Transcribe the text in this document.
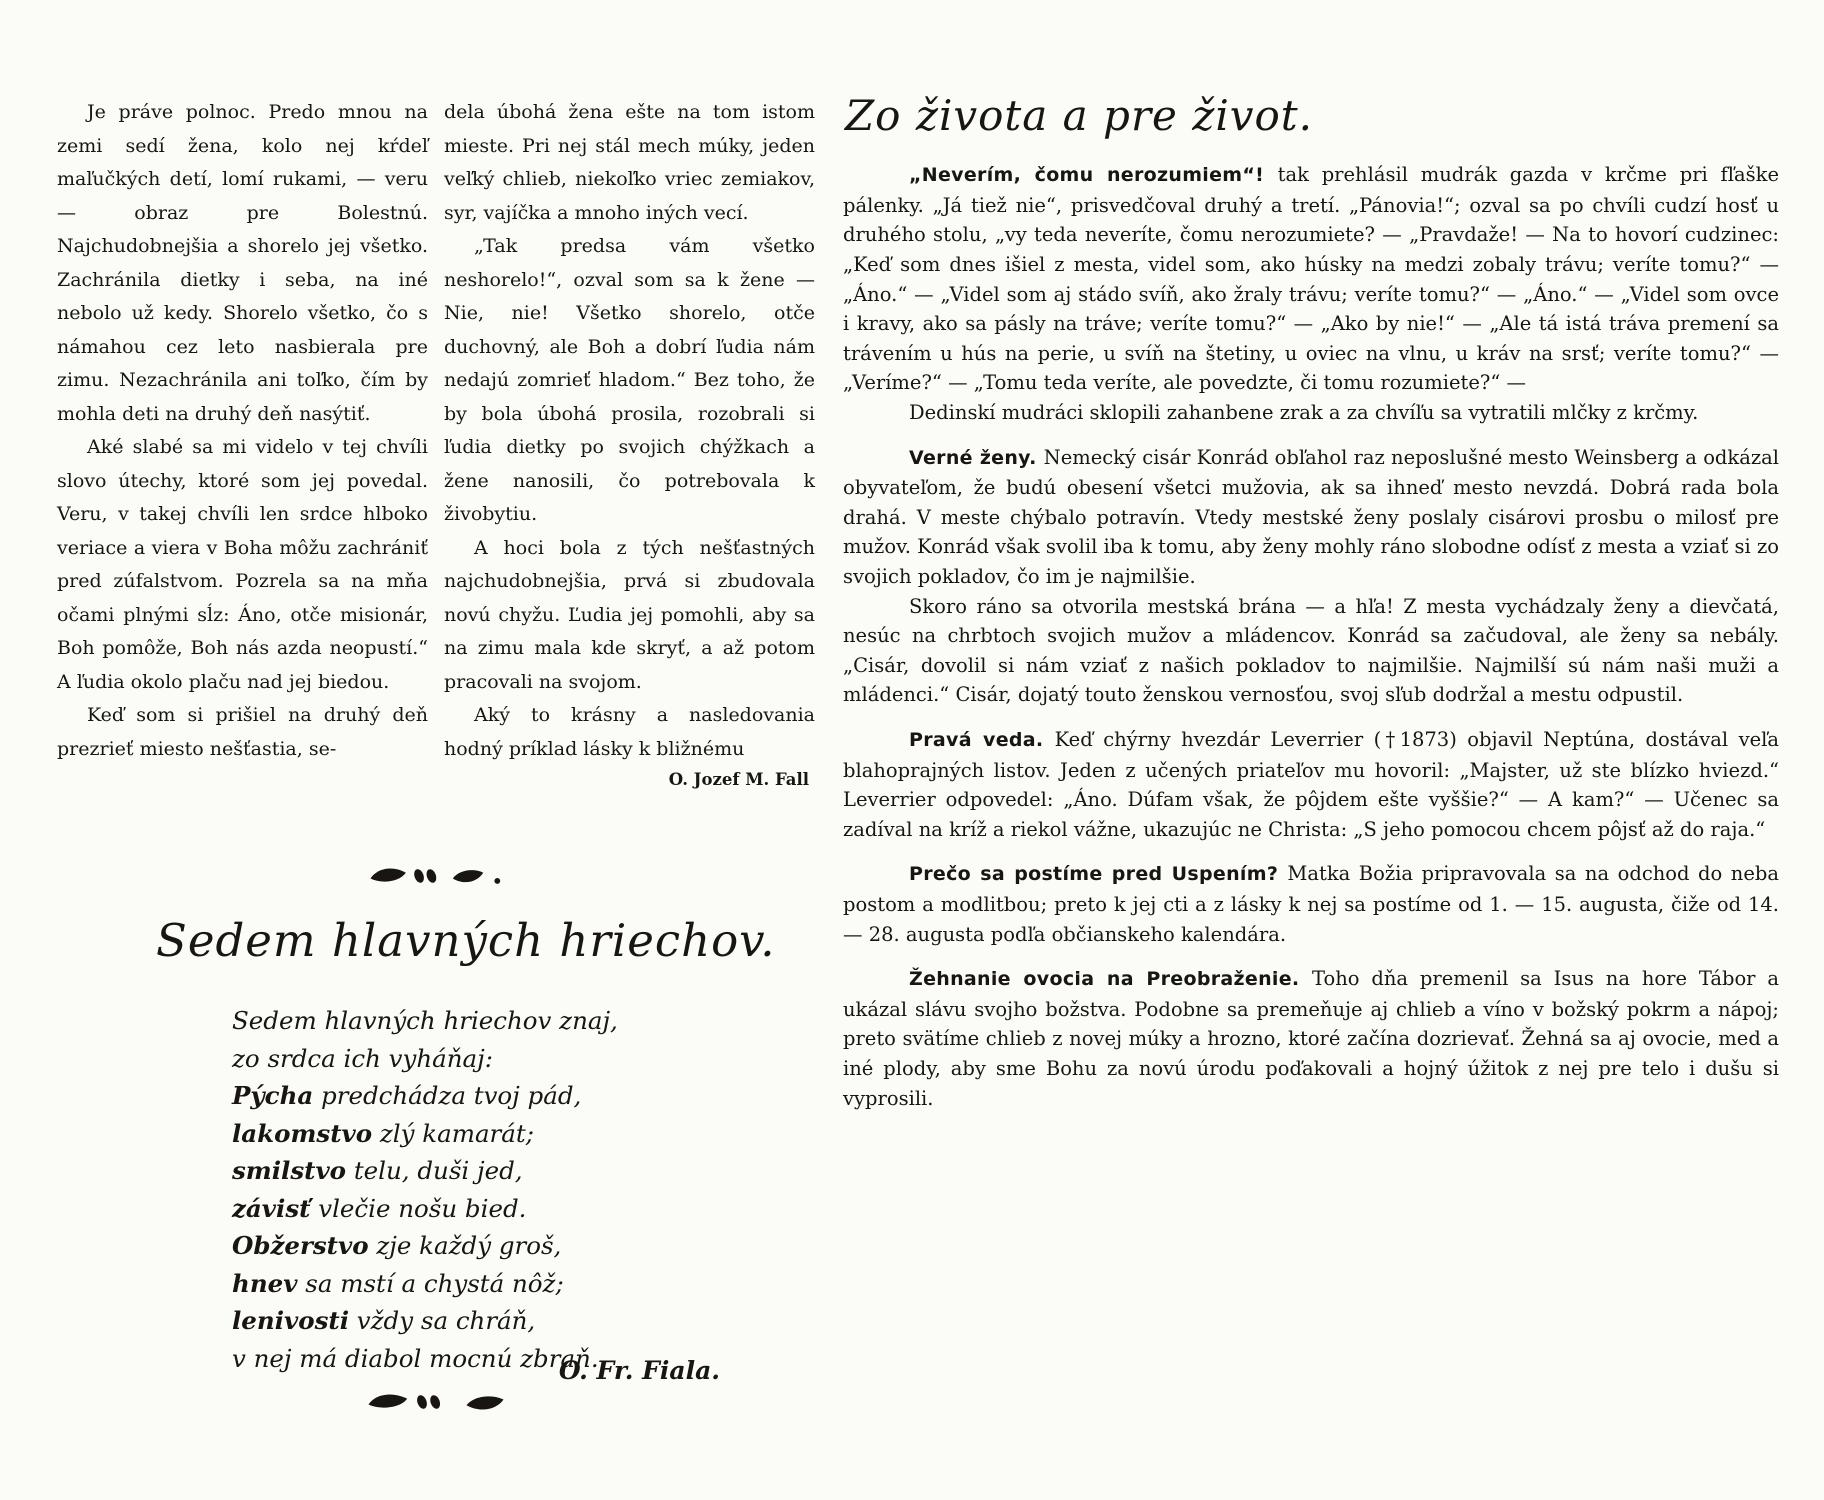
Je práve polnoc. Predo mnou na zemi sedí žena, kolo nej kŕdeľ maľučkých detí, lomí rukami, — veru — obraz pre Bolestnú. Najchudobnejšia a shorelo jej všetko. Zachránila dietky i seba, na iné nebolo už kedy. Shorelo všetko, čo s námahou cez leto nasbierala pre zimu. Nezachránila ani toľko, čím by mohla deti na druhý deň nasýtiť.

Aké slabé sa mi videlo v tej chvíli slovo útechy, ktoré som jej povedal. Veru, v takej chvíli len srdce hlboko veriace a viera v Boha môžu zachrániť pred zúfalstvom. Pozrela sa na mňa očami plnými sĺz: Áno, otče misionár, Boh pomôže, Boh nás azda neopustí.“ A ľudia okolo plaču nad jej biedou.

Keď som si prišiel na druhý deň prezrieť miesto nešťastia, se-

dela úbohá žena ešte na tom istom mieste. Pri nej stál mech múky, jeden veľký chlieb, niekoľko vriec zemiakov, syr, vajíčka a mnoho iných vecí.

„Tak predsa vám všetko neshorelo!“, ozval som sa k žene — Nie, nie! Všetko shorelo, otče duchovný, ale Boh a dobrí ľudia nám nedajú zomrieť hladom.“ Bez toho, že by bola úbohá prosila, rozobrali si ľudia dietky po svojich chýžkach a žene nanosili, čo potrebovala k živobytiu.

A hoci bola z tých nešťastných najchudobnejšia, prvá si zbudovala novú chyžu. Ľudia jej pomohli, aby sa na zimu mala kde skryť, a až potom pracovali na svojom.

Aký to krásny a nasledovania hodný príklad lásky k bližnému

O. Jozef M. Fall
Sedem hlavných hriechov.
Sedem hlavných hriechov znaj,
zo srdca ich vyháňaj:
Pýcha predchádza tvoj pád,
lakomstvo zlý kamarát;
smilstvo telu, duši jed,
závisť vlečie nošu bied.
Obžerstvo zje každý groš,
hnev sa mstí a chystá nôž;
lenivosti vždy sa chráň,
v nej má diabol mocnú zbraň.
O. Fr. Fiala.
Zo života a pre život.

„Neverím, čomu nerozumiem“! tak prehlásil mudrák gazda v krčme pri fľaške pálenky. „Já tiež nie“, prisvedčoval druhý a tretí. „Pánovia!“; ozval sa po chvíli cudzí hosť u druhého stolu, „vy teda neveríte, čomu nerozumiete? — „Pravdaže! — Na to hovorí cudzinec: „Keď som dnes išiel z mesta, videl som, ako húsky na medzi zobaly trávu; veríte tomu?“ — „Áno.“ — „Videl som aj stádo svíň, ako žraly trávu; veríte tomu?“ — „Áno.“ — „Videl som ovce i kravy, ako sa pásly na tráve; veríte tomu?“ — „Ako by nie!“ — „Ale tá istá tráva premení sa trávením u hús na perie, u svíň na štetiny, u oviec na vlnu, u kráv na srsť; veríte tomu?“ — „Veríme?“ — „Tomu teda veríte, ale povedzte, či tomu rozumiete?“ —

Dedinskí mudráci sklopili zahanbene zrak a za chvíľu sa vytratili mlčky z krčmy.

Verné ženy. Nemecký cisár Konrád obľahol raz neposlušné mesto Weinsberg a odkázal obyvateľom, že budú obesení všetci mužovia, ak sa ihneď mesto nevzdá. Dobrá rada bola drahá. V meste chýbalo potravín. Vtedy mestské ženy poslaly cisárovi prosbu o milosť pre mužov. Konrád však svolil iba k tomu, aby ženy mohly ráno slobodne odísť z mesta a vziať si zo svojich pokladov, čo im je najmilšie.

Skoro ráno sa otvorila mestská brána — a hľa! Z mesta vychádzaly ženy a dievčatá, nesúc na chrbtoch svojich mužov a mládencov. Konrád sa začudoval, ale ženy sa nebály. „Cisár, dovolil si nám vziať z našich pokladov to najmilšie. Najmilší sú nám naši muži a mládenci.“ Cisár, dojatý touto ženskou vernosťou, svoj sľub dodržal a mestu odpustil.

Pravá veda. Keď chýrny hvezdár Leverrier (†1873) objavil Neptúna, dostával veľa blahoprajných listov. Jeden z učených priateľov mu hovoril: „Majster, už ste blízko hviezd.“ Leverrier odpovedel: „Áno. Dúfam však, že pôjdem ešte vyššie?“ — A kam?“ — Učenec sa zadíval na kríž a riekol vážne, ukazujúc ne Christa: „S jeho pomocou chcem pôjsť až do raja.“

Prečo sa postíme pred Uspením? Matka Božia pripravovala sa na odchod do neba postom a modlitbou; preto k jej cti a z lásky k nej sa postíme od 1. — 15. augusta, čiže od 14. — 28. augusta podľa občianskeho kalendára.

Žehnanie ovocia na Preobraženie. Toho dňa premenil sa Isus na hore Tábor a ukázal slávu svojho božstva. Podobne sa premeňuje aj chlieb a víno v božský pokrm a nápoj; preto svätíme chlieb z novej múky a hrozno, ktoré začína dozrievať. Žehná sa aj ovocie, med a iné plody, aby sme Bohu za novú úrodu poďakovali a hojný úžitok z nej pre telo i dušu si vyprosili.
